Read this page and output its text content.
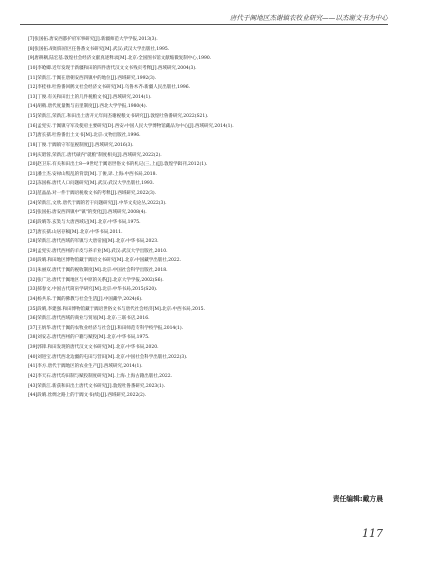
唐代于阗地区杰谢镇农牧业研究——以杰谢文书为中心
[7]张国拓.唐安西都护府军事研究[J].新疆师范大学学报,2013(3).
[8]张国拓.胡垣阳府区任鲁番文书研究[M].武汉:武汉大学出版社,1995.
[9]唐耕耦,陆宏基.敦煌社会经济文献真迹释录[M].北京:全国图书馆文献缩微复制中心,1990.
[10]李呛卿.近年发现于新疆和田的四件唐代汉文文书残页考释[J].西域研究,2004(3).
[11]荣新江.于阗在唐朝安西四镇中的地位[J].西域研究,1992(3).
[12]李桂禄.吐鲁番回鹘文社会经济文书研究[M].乌鲁木齐:新疆人民出版社,1996.
[13]丁俊.有关和田出土的几件税粮文书[J].西域研究,2014(1).
[14]胡戟.唐代度量衡与亩里制度[J].西北大学学报,1980(4).
[15]荣新江,荣新江.和田出土唐开元年间杰谢税粮文书研究[J].敦煌吐鲁番研究,2022(S21).
[16]孟宪实.于阗镇守军及使府主要研究[D].西安:中国人民大学博物馆藏品为中心[J].西域研究,2014(1).
[17]唐长孺.吐鲁番出土文书[M].北京:文物出版社,1996.
[18]丁俊.于阗镇守军征税制度[J].西域研究,2016(3).
[19]庆昭蓉,荣新江.唐代碛内"就粮"制度相关[J].西域研究,2022(2).
[20]赵卫东.有关和田出土8—9世纪于阗语世俗文书的札记(三,上)[J].敦煌学辑刊,2012(1).
[21]潘士杰.安禄山叛乱的背景[M].丁俊,译.上海:中西书局,2018.
[22]冻国栋.唐代人口问题研究[M].武汉:武汉大学出版社,1993.
[23]范晶晶.对一件于阗语税收文书的考释[J].西域研究,2022(3).
[24]荣新江,文欣.唐代于阗的若干问题研究[J].中华文史论丛,2022(3).
[25]张国拓.唐安西四镇中"镇"的变化[J].西域研究,2008(4).
[26]段晴等.玄奘与大唐西域记[M].北京:中华书局,1975.
[27]唐长孺.山居存稿[M].北京:中华书局,2011.
[28]荣新江.唐代西域的军镇与大唐帝国[M].北京:中华书局,2023.
[29]孟宪实.唐代西州的羊皮与养羊业[M].武汉:武汉大学出版社,2010.
[30]段晴.和田地区博物馆藏于阗语文书研究[M].北京:中国藏学出版社,2022.
[31]朱丽双.唐代于阗的税收制度[M].北京:中国社会科学出版社,2018.
[32]张广达.唐代于阗地区与中原的关系[J].北京大学学报,2002(S6).
[33]郝春文.中国古代简帛学研究[M].北京:中华书局,2015(S20).
[34]杨共乐.于阗的佛教与社会生活[J].中国藏学,2024(6).
[35]段晴,李建强.和田博物馆藏于阗语世俗文书与唐代社会经济[M].北京:中西书局,2015.
[36]荣新江.唐代西域的商业与贸易[M].北京:三联书店,2016.
[37]王炳华.唐代于阗的农牧业经济与社会[J].和田师范专科学校学报,2014(1).
[38]刘安志.唐代西州的户籍与赋役[M].北京:中华书局,1975.
[39]郭锋.和田发现的唐代汉文文书研究[M].北京:中华书局,2020.
[40]刘进宝.唐代西北边疆的屯田与营田[M].北京:中国社会科学出版社,2022(3).
[41]李方.唐代于阗地区的农业生产[J].西域研究,2014(1).
[42]李天石.唐代均田制与赋役制度研究[M].上海:上海古籍出版社,2022.
[43]荣新江.新获和田出土唐代文书研究[J].敦煌吐鲁番研究,2023(1).
[44]段晴.丝绸之路上的于阗文书(续)[J].西域研究,2022(2).
责任编辑:戴方晨
117
